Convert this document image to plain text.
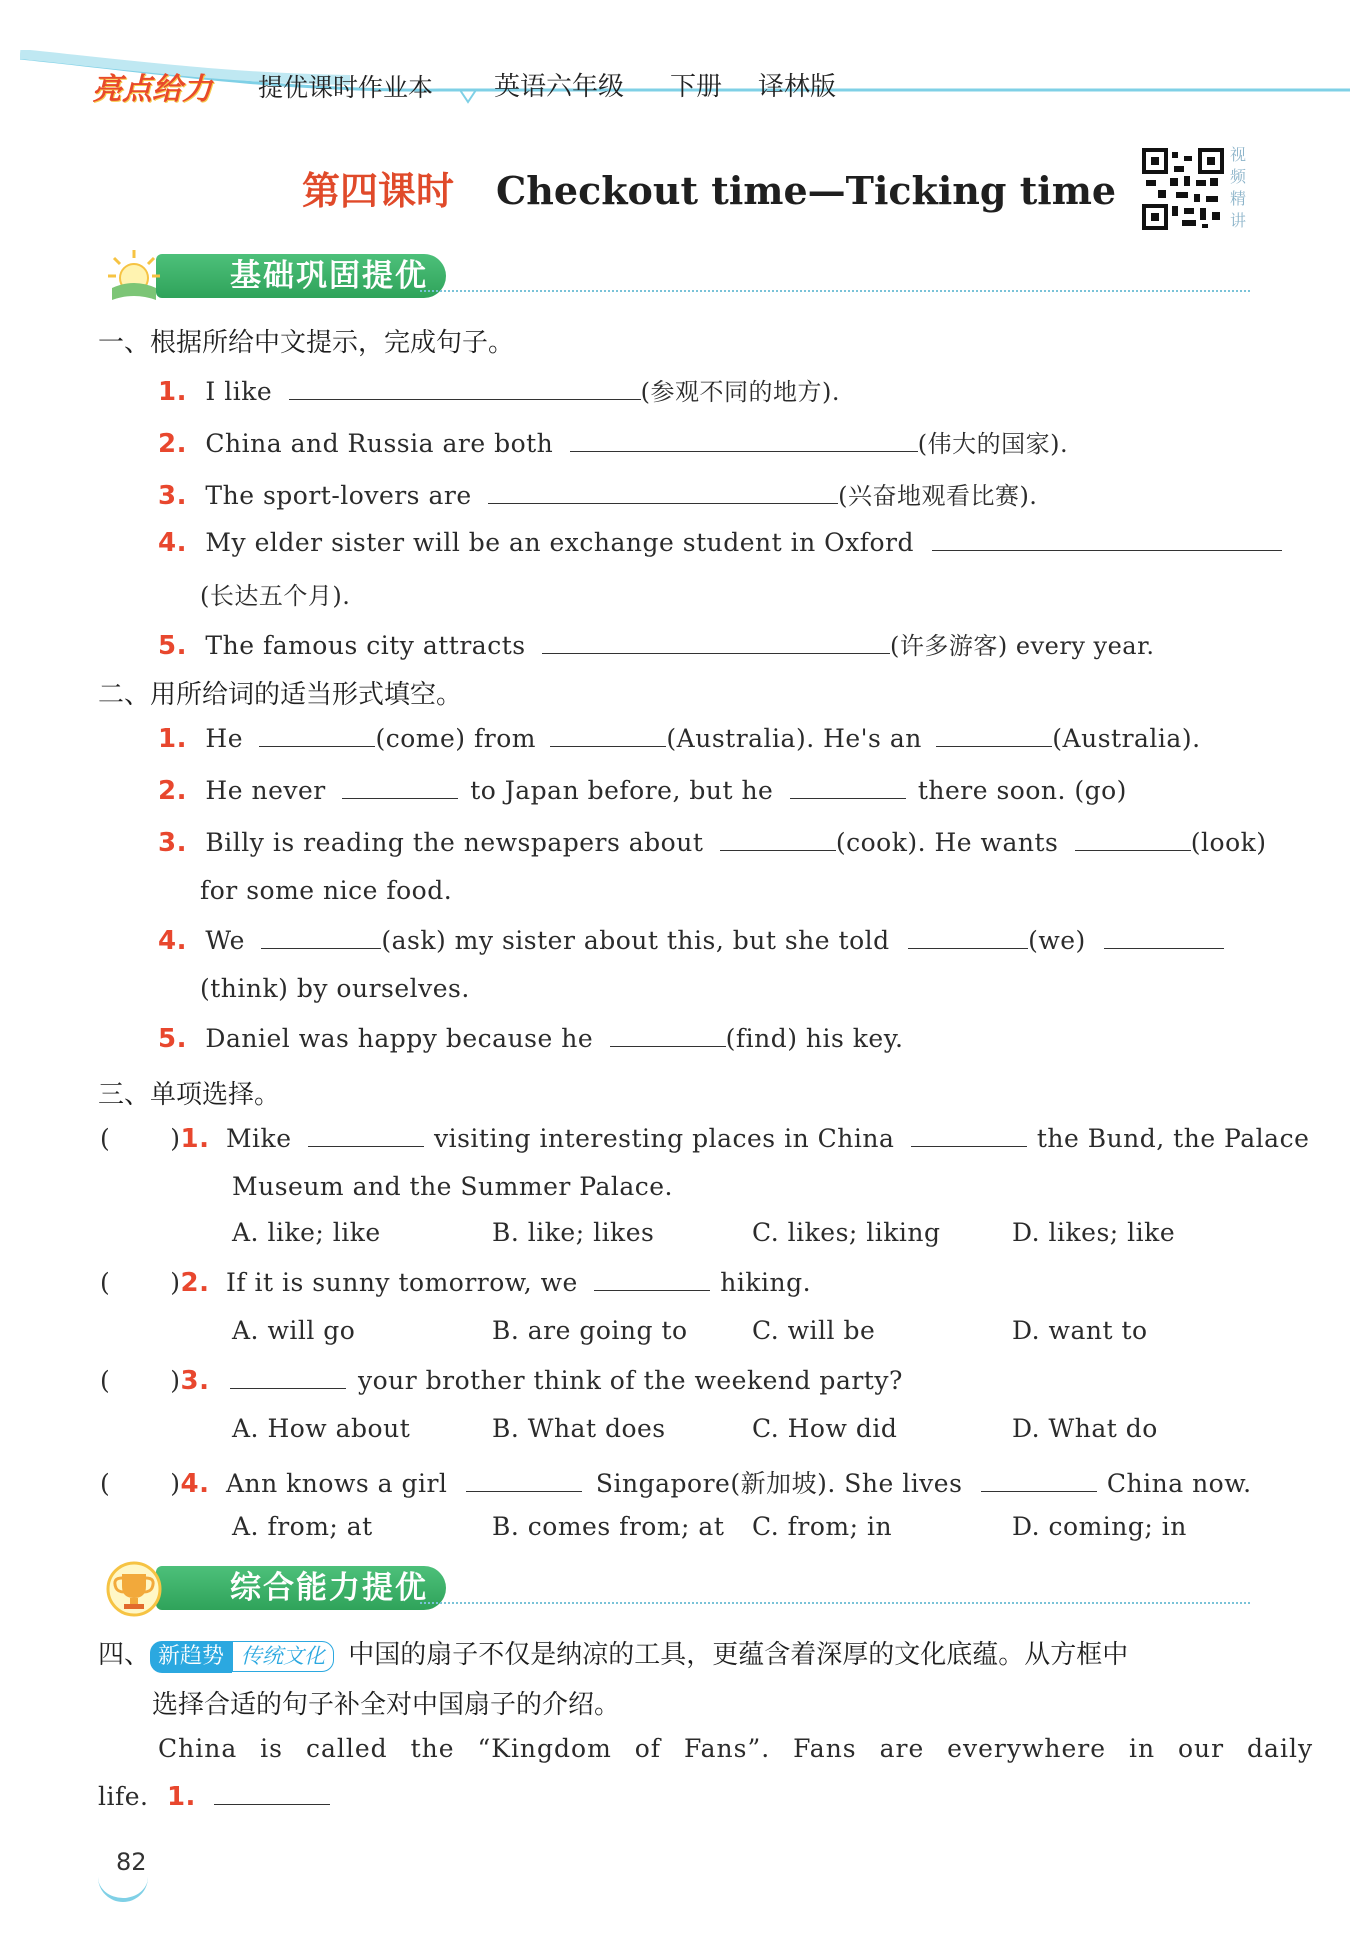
亮点给力 提优课时作业本 英语六年级 下册 译林版
第四课时 Checkout time—Ticking time
视频精讲
基础巩固提优
一、根据所给中文提示，完成句子。
1. I like	(参观不同的地方).
2. China and Russia are both	(伟大的国家).
3. The sport-lovers are	(兴奋地观看比赛).
4. My elder sister will be an exchange student in Oxford
(长达五个月).
5. The famous city attracts	(许多游客) every year.
二、用所给词的适当形式填空。
1. He	(come) from	(Australia). He's an	(Australia).
2. He never	to Japan before, but he	there soon. (go)
3. Billy is reading the newspapers about	(cook). He wants	(look)
for some nice food.
4. We	(ask) my sister about this, but she told	(we)
(think) by ourselves.
5. Daniel was happy because he	(find) his key.
三、单项选择。
( )1. Mike	visiting interesting places in China	the Bund, the Palace
Museum and the Summer Palace.
A. like; like	B. like; likes	C. likes; liking	D. likes; like
( )2. If it is sunny tomorrow, we	hiking.
A. will go	B. are going to	C. will be	D. want to
( )3.	your brother think of the weekend party?
A. How about	B. What does	C. How did	D. What do
( )4. Ann knows a girl	Singapore(新加坡). She lives	China now.
A. from; at	B. comes from; at C. from; in	D. coming; in
综合能力提优
四、 新趋势 传统文化 中国的扇子不仅是纳凉的工具，更蕴含着深厚的文化底蕴。从方框中
选择合适的句子补全对中国扇子的介绍。
China is called the “Kingdom of Fans”. Fans are everywhere in our daily
life. 1.
82
